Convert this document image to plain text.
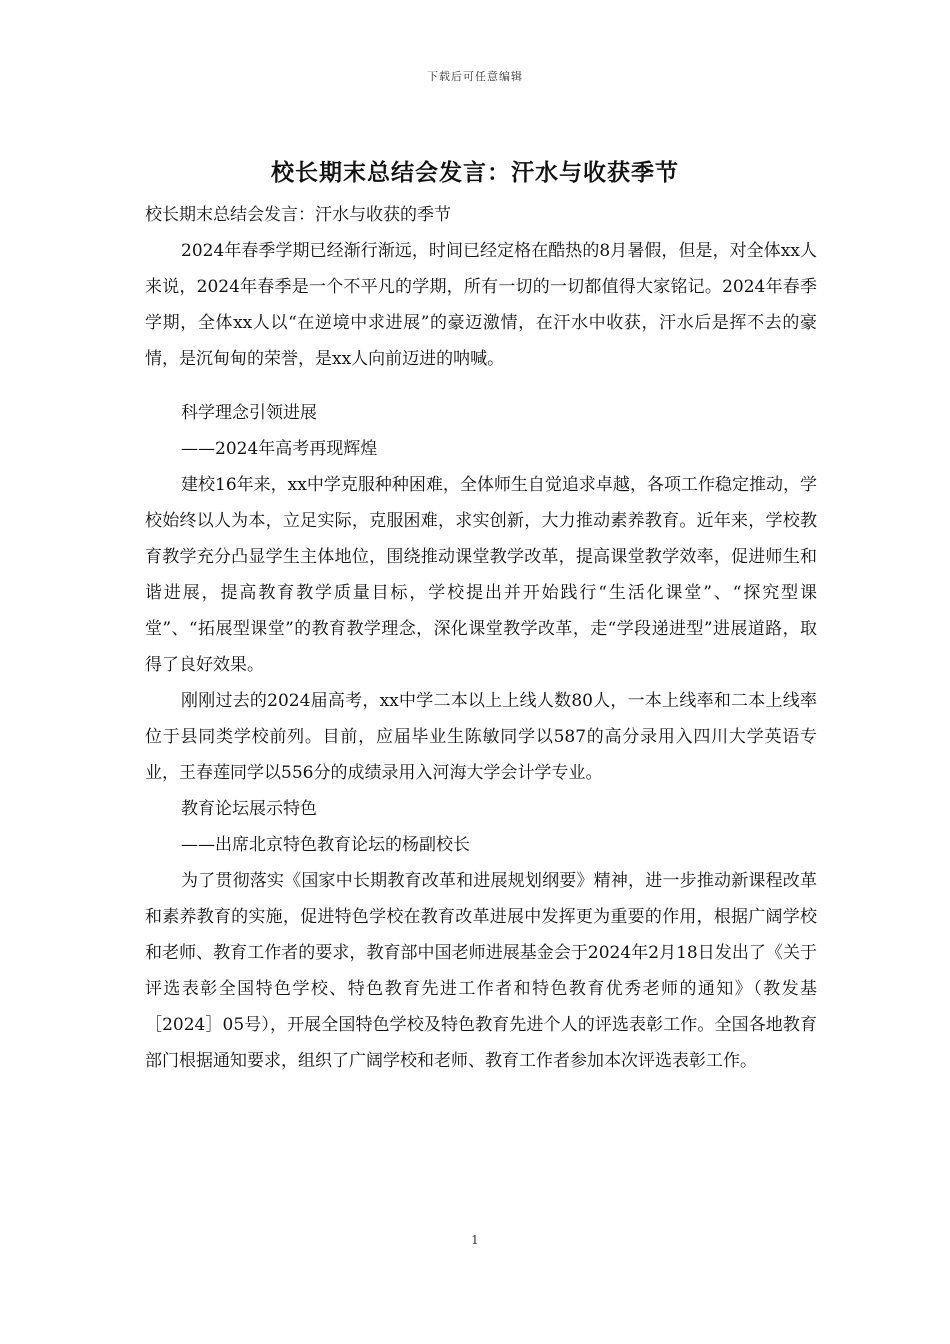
下载后可任意编辑
校长期末总结会发言：汗水与收获季节

校长期末总结会发言：汗水与收获的季节

2024年春季学期已经渐行渐远，时间已经定格在酷热的8月暑假，但是，对全体xx人来说，2024年春季是一个不平凡的学期，所有一切的一切都值得大家铭记。2024年春季学期，全体xx人以“在逆境中求进展”的豪迈激情，在汗水中收获，汗水后是挥不去的豪情，是沉甸甸的荣誉，是xx人向前迈进的呐喊。

科学理念引领进展

——2024年高考再现辉煌

建校16年来，xx中学克服种种困难，全体师生自觉追求卓越，各项工作稳定推动，学校始终以人为本，立足实际，克服困难，求实创新，大力推动素养教育。近年来，学校教育教学充分凸显学生主体地位，围绕推动课堂教学改革，提高课堂教学效率，促进师生和谐进展，提高教育教学质量目标，学校提出并开始践行“生活化课堂”、“探究型课堂”、“拓展型课堂”的教育教学理念，深化课堂教学改革，走“学段递进型”进展道路，取得了良好效果。

刚刚过去的2024届高考，xx中学二本以上上线人数80人，一本上线率和二本上线率位于县同类学校前列。目前，应届毕业生陈敏同学以587的高分录用入四川大学英语专业，王春莲同学以556分的成绩录用入河海大学会计学专业。

教育论坛展示特色

——出席北京特色教育论坛的杨副校长

为了贯彻落实《国家中长期教育改革和进展规划纲要》精神，进一步推动新课程改革和素养教育的实施，促进特色学校在教育改革进展中发挥更为重要的作用，根据广阔学校和老师、教育工作者的要求，教育部中国老师进展基金会于2024年2月18日发出了《关于评选表彰全国特色学校、特色教育先进工作者和特色教育优秀老师的通知》（教发基［2024］05号），开展全国特色学校及特色教育先进个人的评选表彰工作。全国各地教育部门根据通知要求，组织了广阔学校和老师、教育工作者参加本次评选表彰工作。

1
